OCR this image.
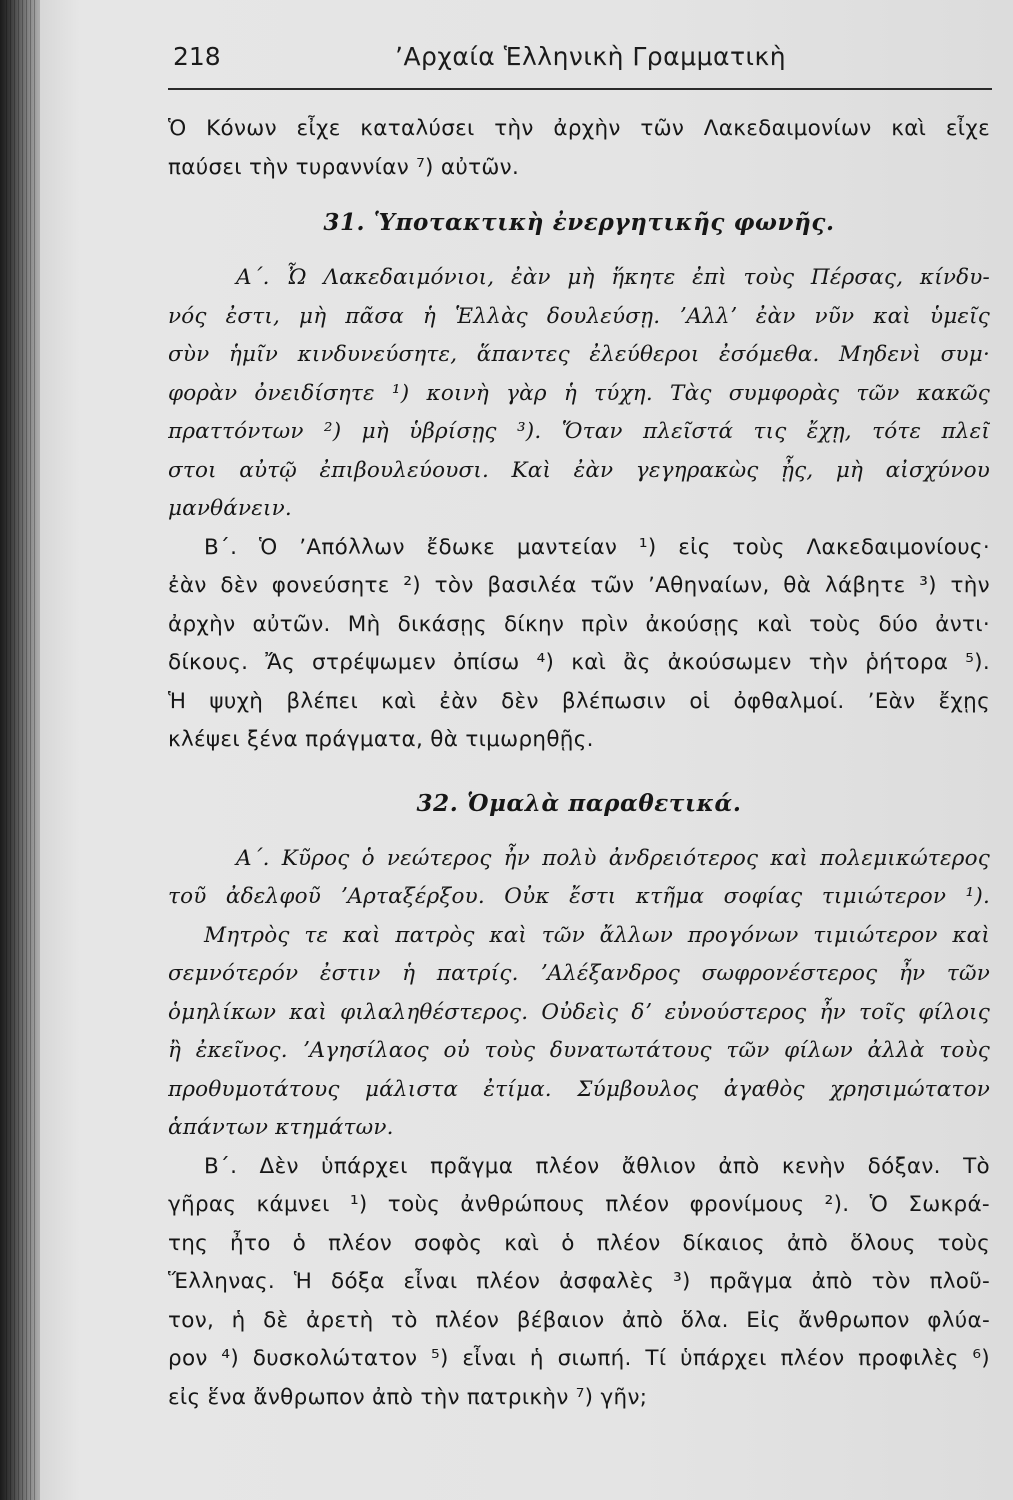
218	ʼΑρχαία Ἑλληνικὴ Γραμματικὴ
Ὁ Κόνων εἶχε καταλύσει τὴν ἀρχὴν τῶν Λακεδαιμονίων καὶ εἶχε
παύσει τὴν τυραννίαν ⁷) αὐτῶν.
31. Ὑποτακτικὴ ἐνεργητικῆς φωνῆς.
Α΄. Ὦ Λακεδαιμόνιοι, ἐὰν μὴ ἥκητε ἐπὶ τοὺς Πέρσας, κίνδυ-
νός ἐστι, μὴ πᾶσα ἡ Ἑλλὰς δουλεύσῃ. ʼΑλλʼ ἐὰν νῦν καὶ ὑμεῖς
σὺν ἡμῖν κινδυνεύσητε, ἅπαντες ἐλεύθεροι ἐσόμεθα. Μηδενὶ συμ·
φορὰν ὀνειδίσητε ¹) κοινὴ γὰρ ἡ τύχη. Τὰς συμφορὰς τῶν κακῶς
πραττόντων ²) μὴ ὑβρίσῃς ³). Ὅταν πλεῖστά τις ἔχῃ, τότε πλεῖ
στοι αὐτῷ ἐπιβουλεύουσι. Καὶ ἐὰν γεγηρακὼς ᾖς, μὴ αἰσχύνου
μανθάνειν.
Β΄. Ὁ ʼΑπόλλων ἔδωκε μαντείαν ¹) εἰς τοὺς Λακεδαιμονίους·
ἐὰν δὲν φονεύσητε ²) τὸν βασιλέα τῶν ʼΑθηναίων, θὰ λάβητε ³) τὴν
ἀρχὴν αὐτῶν. Μὴ δικάσῃς δίκην πρὶν ἀκούσῃς καὶ τοὺς δύο ἀντι·
δίκους. Ἄς στρέψωμεν ὀπίσω ⁴) καὶ ἂς ἀκούσωμεν τὴν ῥήτορα ⁵).
Ἡ ψυχὴ βλέπει καὶ ἐὰν δὲν βλέπωσιν οἱ ὀφθαλμοί. ʼΕὰν ἔχῃς
κλέψει ξένα πράγματα, θὰ τιμωρηθῇς.
32. Ὁμαλὰ παραθετικά.
Α΄. Κῦρος ὁ νεώτερος ἦν πολὺ ἀνδρειότερος καὶ πολεμικώτερος
τοῦ ἀδελφοῦ ʼΑρταξέρξου. Οὐκ ἔστι κτῆμα σοφίας τιμιώτερον ¹).
Μητρὸς τε καὶ πατρὸς καὶ τῶν ἄλλων προγόνων τιμιώτερον καὶ
σεμνότερόν ἐστιν ἡ πατρίς. ʼΑλέξανδρος σωφρονέστερος ἦν τῶν
ὁμηλίκων καὶ φιλαληθέστερος. Οὐδεὶς δʼ εὐνούστερος ἦν τοῖς φίλοις
ἢ ἐκεῖνος. ʼΑγησίλαος οὐ τοὺς δυνατωτάτους τῶν φίλων ἀλλὰ τοὺς
προθυμοτάτους μάλιστα ἐτίμα. Σύμβουλος ἀγαθὸς χρησιμώτατον
ἁπάντων κτημάτων.
Β΄. Δὲν ὑπάρχει πρᾶγμα πλέον ἄθλιον ἀπὸ κενὴν δόξαν. Τὸ
γῆρας κάμνει ¹) τοὺς ἀνθρώπους πλέον φρονίμους ²). Ὁ Σωκρά-
της ἦτο ὁ πλέον σοφὸς καὶ ὁ πλέον δίκαιος ἀπὸ ὅλους τοὺς
Ἕλληνας. Ἡ δόξα εἶναι πλέον ἀσφαλὲς ³) πρᾶγμα ἀπὸ τὸν πλοῦ-
τον, ἡ δὲ ἀρετὴ τὸ πλέον βέβαιον ἀπὸ ὅλα. Εἰς ἄνθρωπον φλύα-
ρον ⁴) δυσκολώτατον ⁵) εἶναι ἡ σιωπή. Τί ὑπάρχει πλέον προφιλὲς ⁶)
εἰς ἕνα ἄνθρωπον ἀπὸ τὴν πατρικὴν ⁷) γῆν;
